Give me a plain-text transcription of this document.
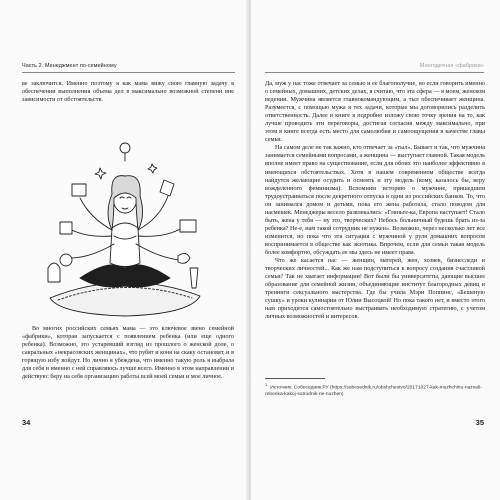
Часть 2. Менеджмент по-семейному

ве заключится. Именно поэтому я как мама вижу свою главную задачу в обеспечении выполнения объема дел в максимально возможной степени вне зависимости от обстоятельств.

Во многих российских семьях мама — это ключевое звено семейной «фабрики», которая запускается с появлением ребенка (или еще одного ребенка). Возможно, это устаревший взгляд из прошлого о женской доле, о сакральных «некрасовских женщинах», что рубят и коня на скаку остановят, и в горящую избу войдут. Но лично я убеждена, что именно такую роль я выбрала для себя и именно с ней справляюсь лучше всего. Именно в этом направлении и действую: беру на себя организацию работы всей моей семьи и мое личное.

34
Многодетная «фабрика»

Да, муж у нас тоже отвечает за семью и ее благополучие, но если говорить именно о семейных, домашних, детских делах, я считаю, что эта сфера — в моем, женском ведении. Мужчина является главнокомандующим, а тыл обеспечивает женщина. Разумеется, с помощью мужа я тех задачи, которые мы договорились разделить ответственность. Далее в книге я подробно изложу свою точку зрения на то, как лучше проводить эти переговоры, достигая согласия между максимально, при этом в книге всегда есть место для самолюбия и самоощущения в качестве главы семьи.

На самом деле не так важно, кто отвечает за «тыл». Бывает и так, что мужчина занимается семейными вопросами, а женщина — выступает главной. Такая модель вполне имеет право на существование, если для обоих это наиболее эффективно в имеющихся обстоятельствах. Хотя в нашем современном обществе всегда найдутся желающие осудить и осмеять и эту модель (кому, казалось бы, веру вожделенного феминизма). Вспомним историю о мужчине, пришедшем трудоустраиваться после декретного отпуска в одни из российских банков. То, что он занимался домом и детьми, пока его жена работала, стало поводом для насмешек. Менеджеры весело развлекались: «Гляньте-ка, Европа наступает! Стало быть, жена у тебя — ну это, творческих? Небось больничный будешь брать из-за ребенка? Не-е, нам такой сотрудник не нужен». Возможно, через несколько лет все изменится, но пока что эта ситуация с мужчиной у руля домашних вопросов воспринимается в обществе как экзотика. Впрочем, если для семьи такая модель более комфортно, обсуждать ее мы здесь не имеет права.

Что же касается нас — женщин, матерей, жен, хозяек, бизнеследи и творческих личностей... Как же нам подступиться к вопросу создания счастливой семьи? Так не хватает информации! Вот были бы университеты, дающие высшее образование для семейной жизни, объединяющие институт благородных девиц и тренинги сексуального мастерства. Где бы учила Мэри Поппинс, «Бешеную сушку» и уроки кулинарии от Юлии Высоцкой! Но пока такого нет, и вместо этого нам приходится самостоятельно выстраивать необходимую стратегию, с учетом личных возможностей и интересов.

$^1$Источник: Собеседник.РУ (https://sobesednik.ru/obshchestvo/20171027-kak-muzhchinu-nazvali-rebenka-kakoj-sotrudnik-ne-nuzhen)
35
